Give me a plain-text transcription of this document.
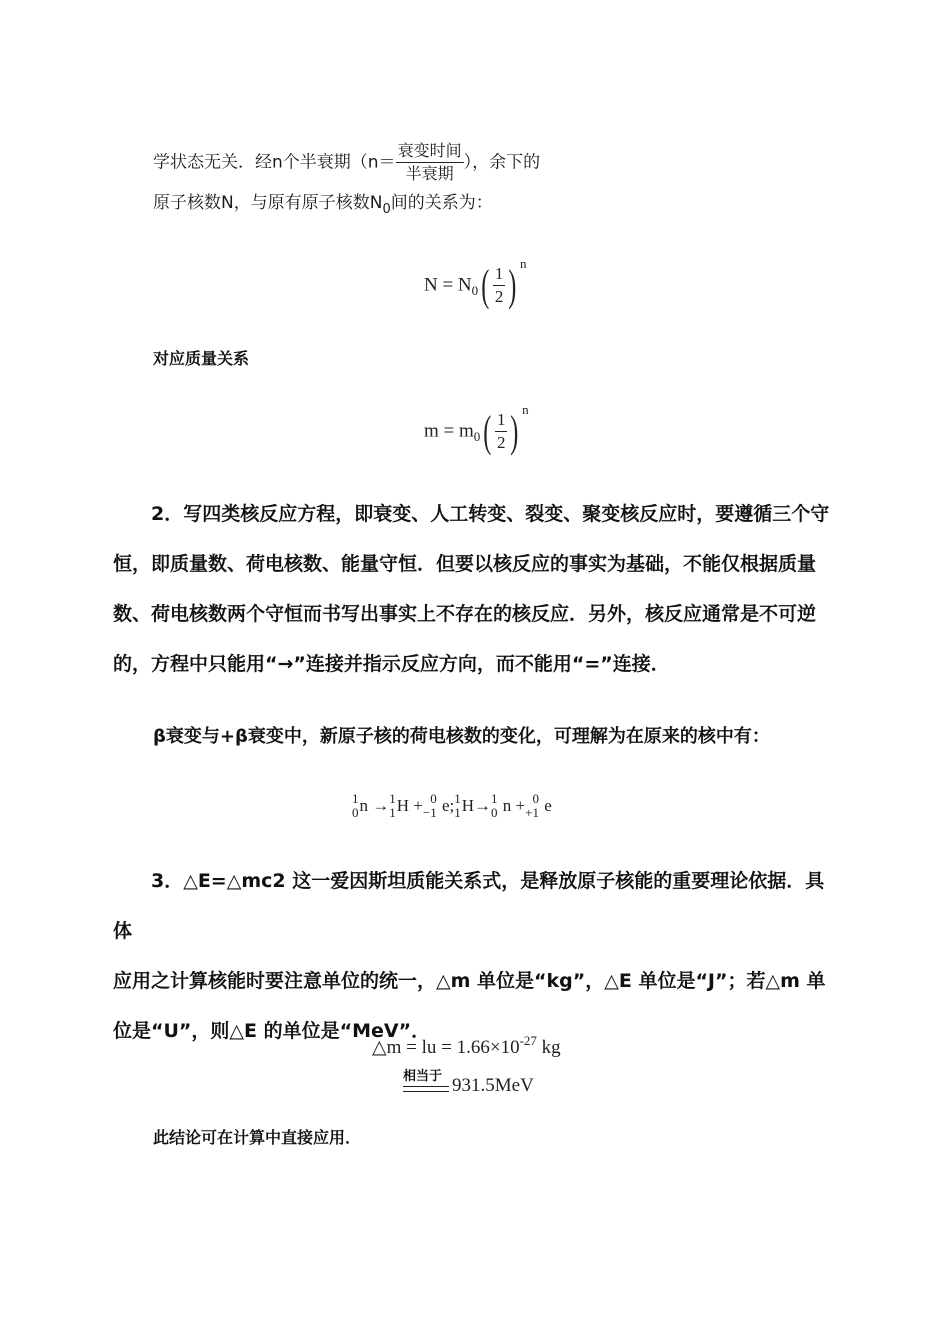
学状态无关．经n个半衰期（$n= \frac{\text{衰变时间}}{\text{半衰期}}$ ），余下的
原子核数N，与原有原子核数$N_0$间的关系为：
$N = N_0( \frac{1}{2}$ ) $^n$
对应质量关系
$m = m_0( \frac{1}{2}$ ) $^n$

2．写四类核反应方程，即衰变、人工转变、裂变、聚变核反应时，要遵循三个守

恒，即质量数、荷电核数、能量守恒．但要以核反应的事实为基础，不能仅根据质量

数、荷电核数两个守恒而书写出事实上不存在的核反应．另外，核反应通常是不可逆

的，方程中只能用“→”连接并指示反应方向，而不能用“=”连接．

β衰变与+β衰变中，新原子核的荷电核数的变化，可理解为在原来的核中有：
1
0 n → 1
1 H + 0
−1 e; 1
1 H→ 1
0 n + 0
+1 e

3．△E=△mc2 这一爱因斯坦质能关系式，是释放原子核能的重要理论依据．具体

应用之计算核能时要注意单位的统一，△m 单位是“kg”，△E 单位是“J”；若△m 单

位是“U”，则△E 的单位是“MeV”．

△m = lu = $1.66\times 10^{-27}$ kg
相当于 931.5MeV
此结论可在计算中直接应用．
